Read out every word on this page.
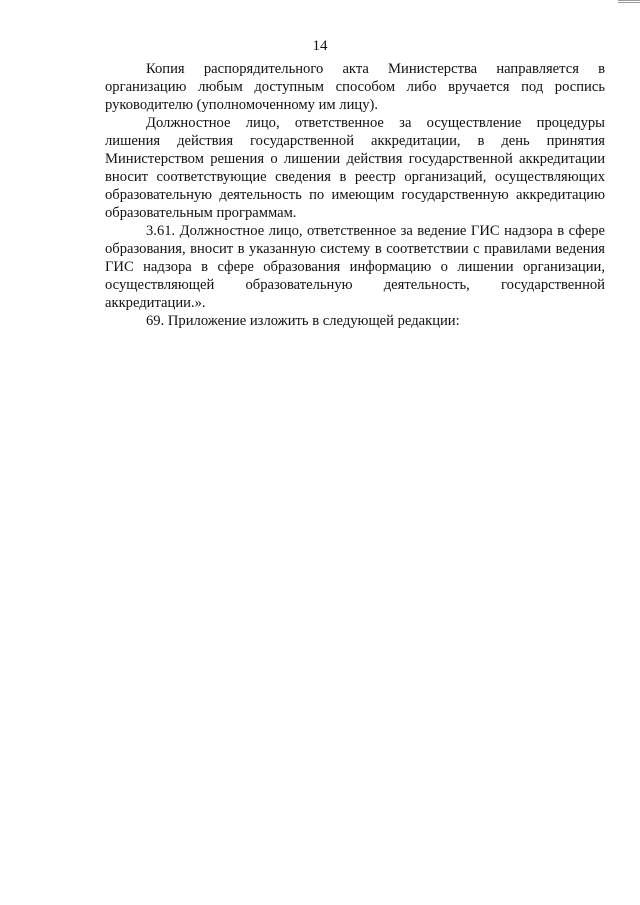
14

Копия распорядительного акта Министерства направляется в организацию любым доступным способом либо вручается под роспись руководителю (уполномоченному им лицу).

Должностное лицо, ответственное за осуществление процедуры лишения действия государственной аккредитации, в день принятия Министерством решения о лишении действия государственной аккредитации вносит соответствующие сведения в реестр организаций, осуществляющих образовательную деятельность по имеющим государственную аккредитацию образовательным программам.

3.61. Должностное лицо, ответственное за ведение ГИС надзора в сфере образования, вносит в указанную систему в соответствии с правилами ведения ГИС надзора в сфере образования информацию о лишении организации, осуществляющей образовательную деятельность, государственной аккредитации.».

69. Приложение изложить в следующей редакции:
